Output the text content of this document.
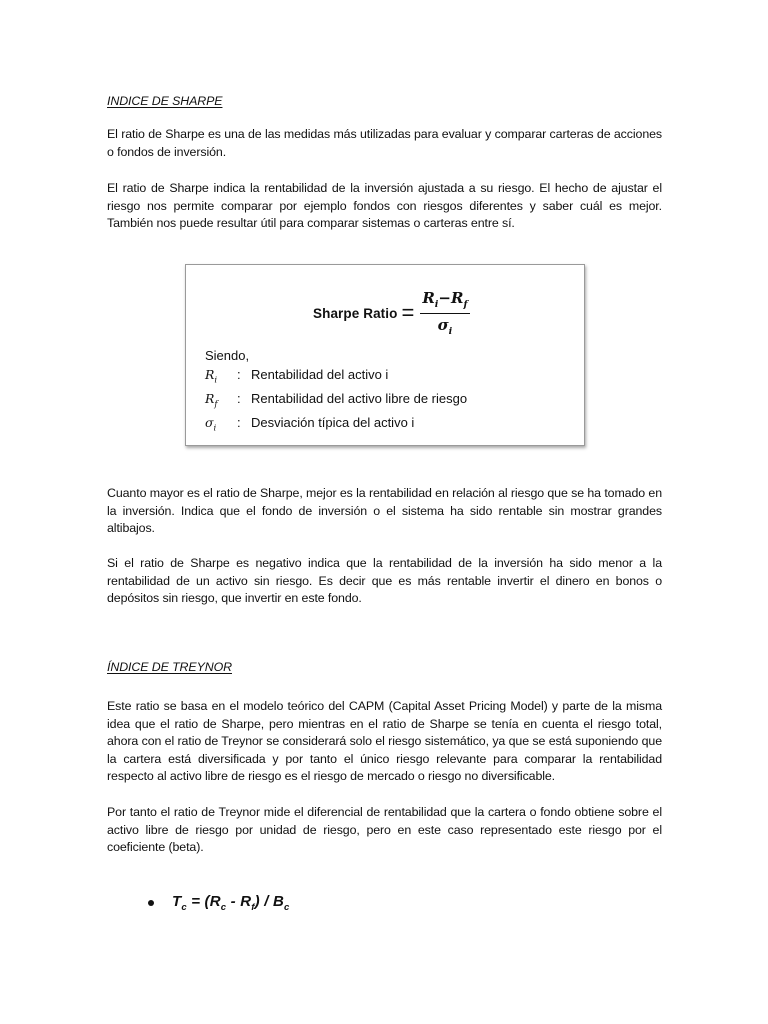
INDICE DE SHARPE

El ratio de Sharpe es una de las medidas más utilizadas para evaluar y comparar carteras de acciones o fondos de inversión.

El ratio de Sharpe indica la rentabilidad de la inversión ajustada a su riesgo. El hecho de ajustar el riesgo nos permite comparar por ejemplo fondos con riesgos diferentes y saber cuál es mejor. También nos puede resultar útil para comparar sistemas o carteras entre sí.

Sharpe Ratio = $\frac{R_i-R_f}{\sigma_i}$
Siendo,
$R_i$	: Rentabilidad del activo i
$R_f$	: Rentabilidad del activo libre de riesgo
$\sigma_i$	: Desviación típica del activo i

Cuanto mayor es el ratio de Sharpe, mejor es la rentabilidad en relación al riesgo que se ha tomado en la inversión. Indica que el fondo de inversión o el sistema ha sido rentable sin mostrar grandes altibajos.

Si el ratio de Sharpe es negativo indica que la rentabilidad de la inversión ha sido menor a la rentabilidad de un activo sin riesgo. Es decir que es más rentable invertir el dinero en bonos o depósitos sin riesgo, que invertir en este fondo.

ÍNDICE DE TREYNOR

Este ratio se basa en el modelo teórico del CAPM (Capital Asset Pricing Model) y parte de la misma idea que el ratio de Sharpe, pero mientras en el ratio de Sharpe se tenía en cuenta el riesgo total, ahora con el ratio de Treynor se considerará solo el riesgo sistemático, ya que se está suponiendo que la cartera está diversificada y por tanto el único riesgo relevante para comparar la rentabilidad respecto al activo libre de riesgo es el riesgo de mercado o riesgo no diversificable.

Por tanto el ratio de Treynor mide el diferencial de rentabilidad que la cartera o fondo obtiene sobre el activo libre de riesgo por unidad de riesgo, pero en este caso representado este riesgo por el coeficiente (beta).

$T_c = (R_c - R_f) / B_c$
